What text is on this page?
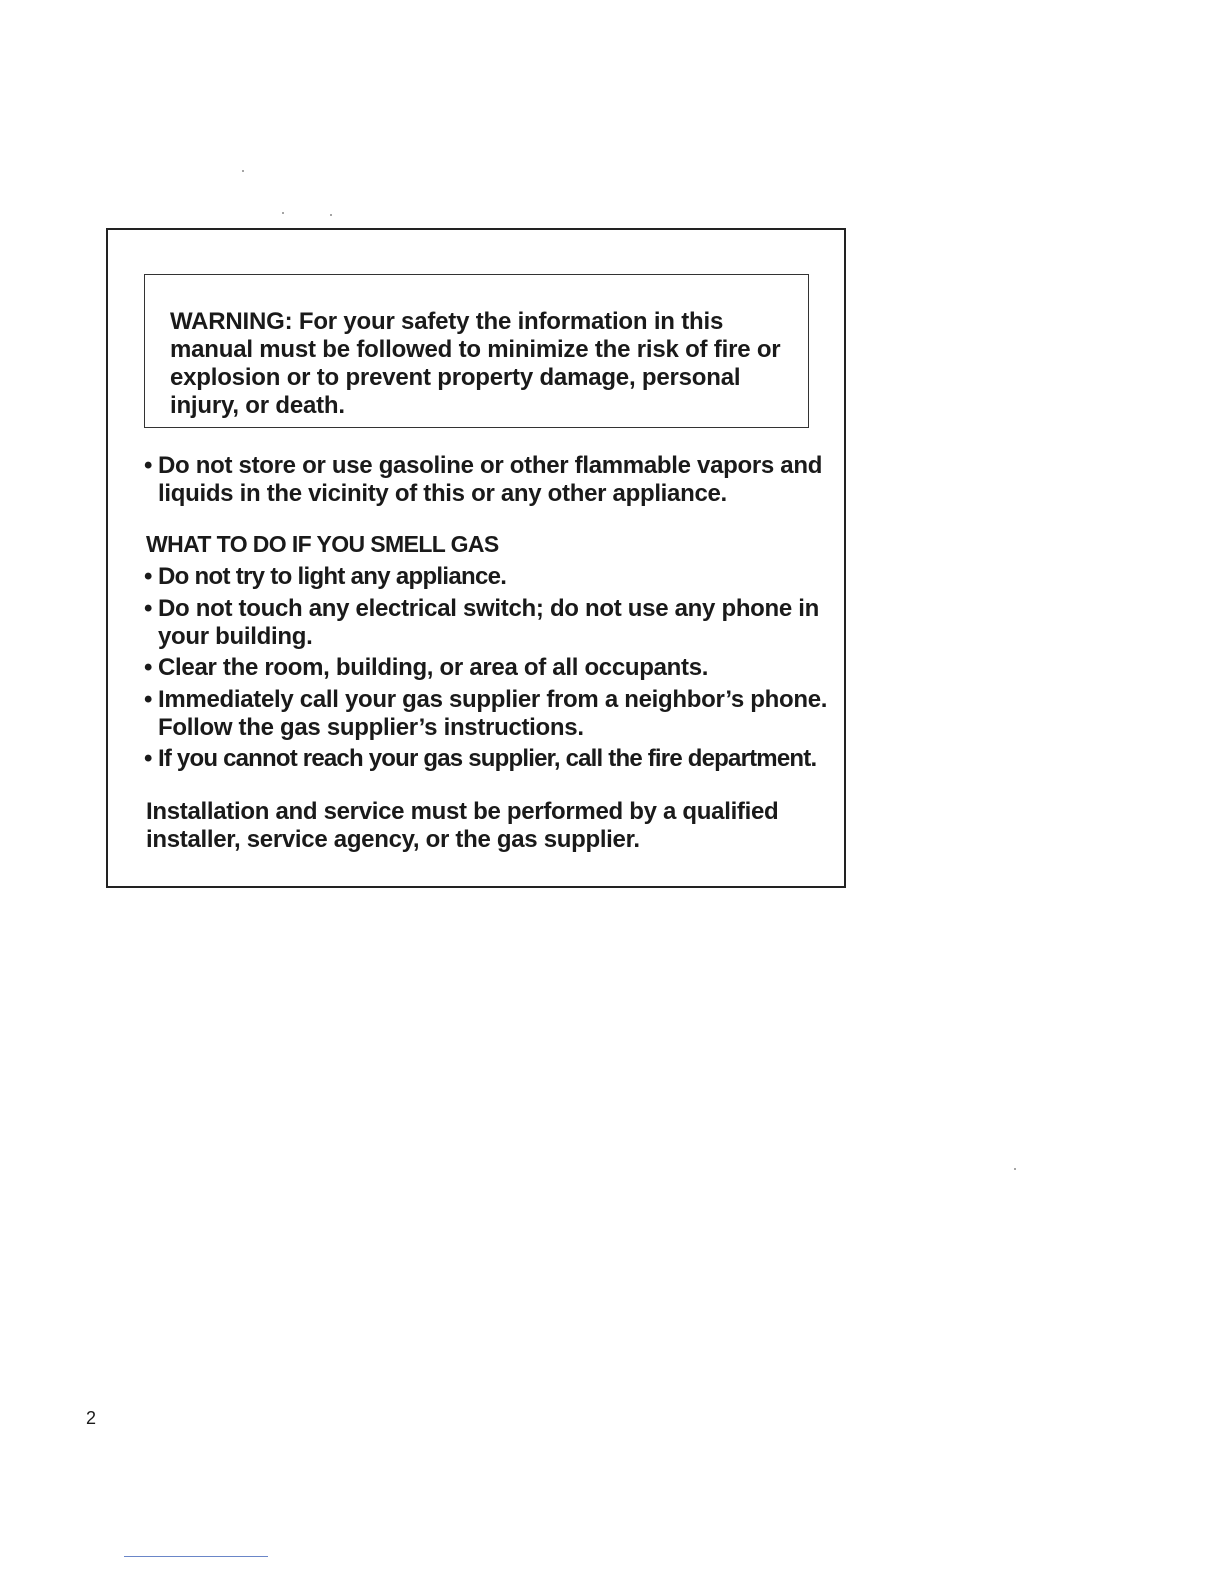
WARNING: For your safety the information in this manual must be followed to minimize the risk of fire or explosion or to prevent property damage, personal injury, or death.

• Do not store or use gasoline or other flammable vapors and liquids in the vicinity of this or any other appliance.

WHAT TO DO IF YOU SMELL GAS

• Do not try to light any appliance.

• Do not touch any electrical switch; do not use any phone in your building.

• Clear the room, building, or area of all occupants.

• Immediately call your gas supplier from a neighbor’s phone. Follow the gas supplier’s instructions.

• If you cannot reach your gas supplier, call the fire department.

Installation and service must be performed by a qualified installer, service agency, or the gas supplier.

2
